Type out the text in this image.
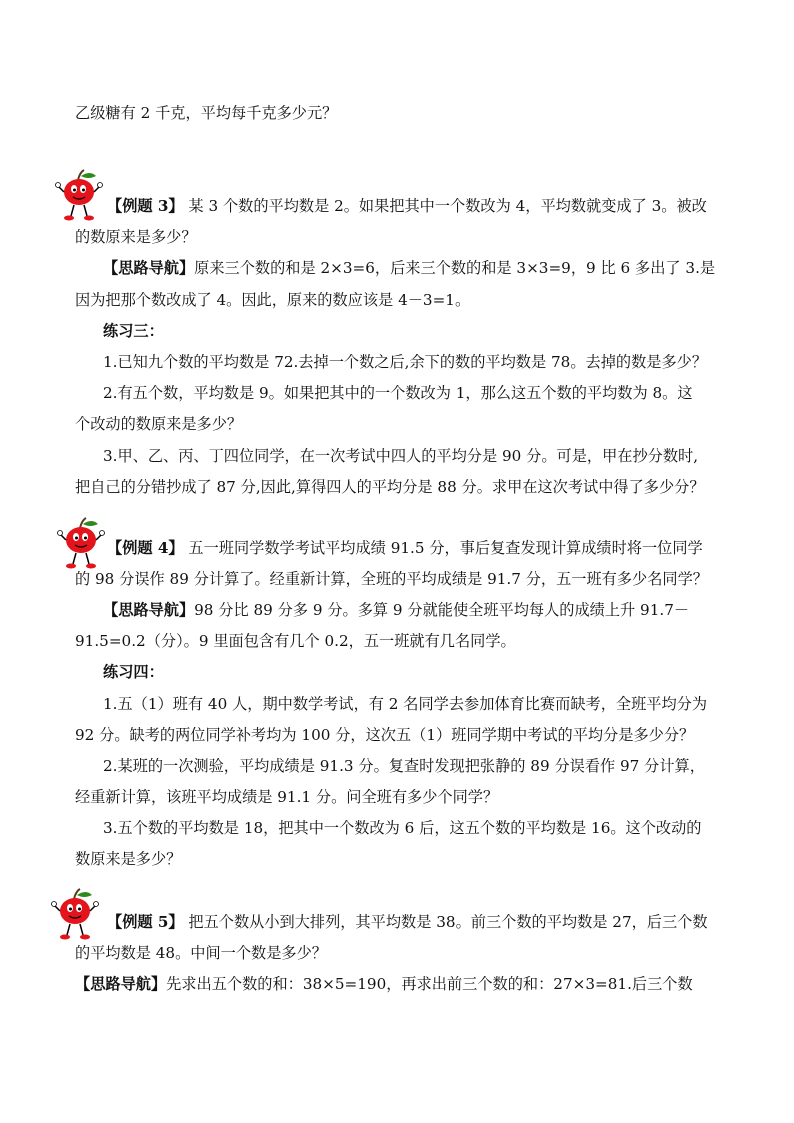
乙级糖有 2 千克，平均每千克多少元？
【例题 3】 某 3 个数的平均数是 2。如果把其中一个数改为 4，平均数就变成了 3。被改
的数原来是多少？
【思路导航】原来三个数的和是 2×3=6，后来三个数的和是 3×3=9，9 比 6 多出了 3.是
因为把那个数改成了 4。因此，原来的数应该是 4－3=1。
练习三：
1.已知九个数的平均数是 72.去掉一个数之后,余下的数的平均数是 78。去掉的数是多少？
2.有五个数，平均数是 9。如果把其中的一个数改为 1，那么这五个数的平均数为 8。这
个改动的数原来是多少？
3.甲、乙、丙、丁四位同学，在一次考试中四人的平均分是 90 分。可是，甲在抄分数时,
把自己的分错抄成了 87 分,因此,算得四人的平均分是 88 分。求甲在这次考试中得了多少分？
【例题 4】 五一班同学数学考试平均成绩 91.5 分，事后复查发现计算成绩时将一位同学
的 98 分误作 89 分计算了。经重新计算，全班的平均成绩是 91.7 分，五一班有多少名同学？
【思路导航】98 分比 89 分多 9 分。多算 9 分就能使全班平均每人的成绩上升 91.7－
91.5=0.2（分）。9 里面包含有几个 0.2，五一班就有几名同学。
练习四：
1.五（1）班有 40 人，期中数学考试，有 2 名同学去参加体育比赛而缺考，全班平均分为
92 分。缺考的两位同学补考均为 100 分，这次五（1）班同学期中考试的平均分是多少分？
2.某班的一次测验，平均成绩是 91.3 分。复查时发现把张静的 89 分误看作 97 分计算，
经重新计算，该班平均成绩是 91.1 分。问全班有多少个同学？
3.五个数的平均数是 18，把其中一个数改为 6 后，这五个数的平均数是 16。这个改动的
数原来是多少？
【例题 5】 把五个数从小到大排列，其平均数是 38。前三个数的平均数是 27，后三个数
的平均数是 48。中间一个数是多少？
【思路导航】先求出五个数的和：38×5=190，再求出前三个数的和：27×3=81.后三个数
